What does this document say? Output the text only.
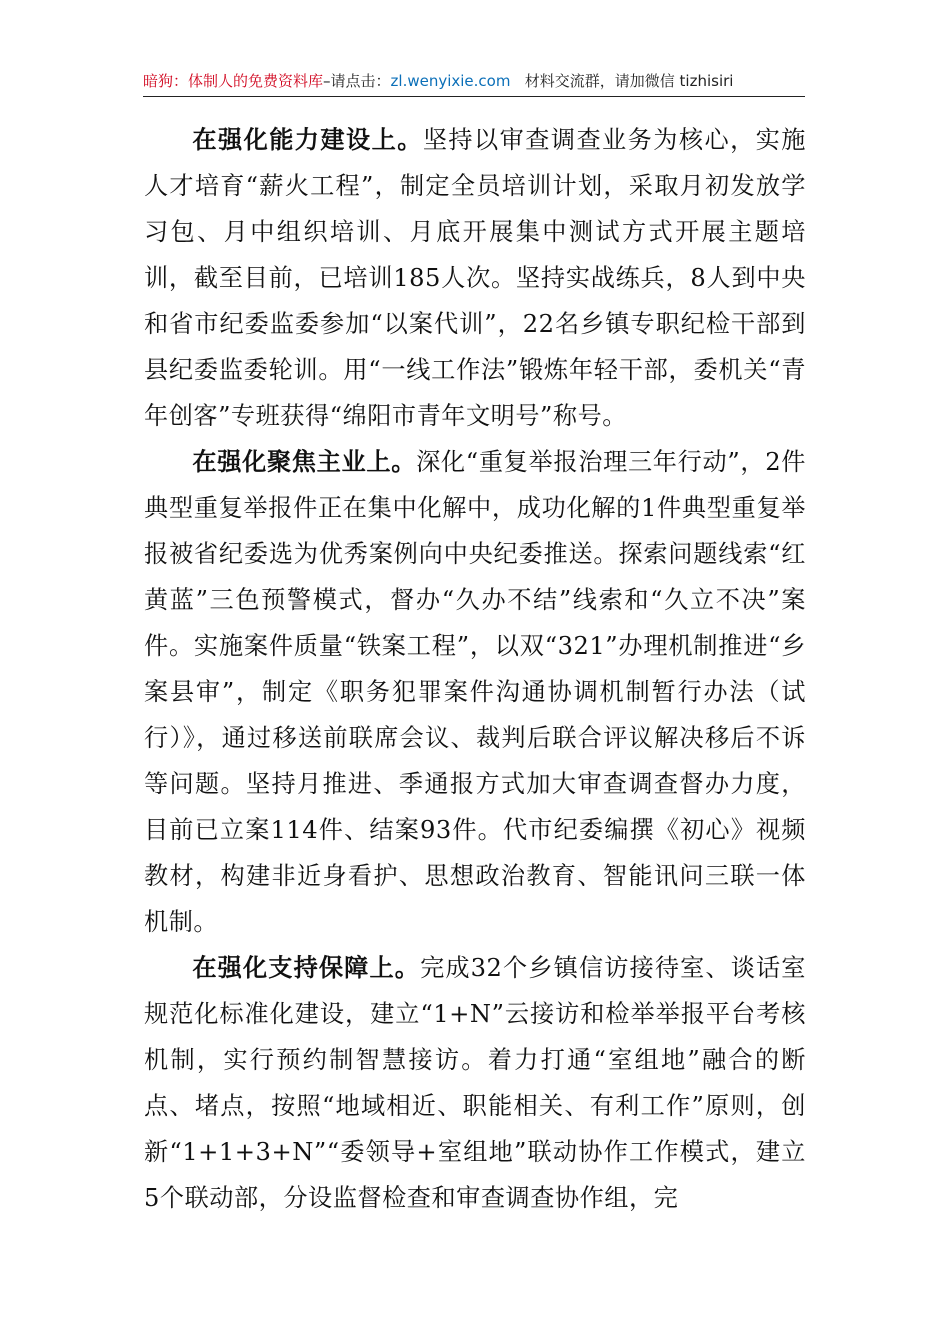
暗狗：体制人的免费资料库–请点击：zl.wenyixie.com 材料交流群，请加微信 tizhisiri

在强化能力建设上。坚持以审查调查业务为核心，实施人才培育“薪火工程”，制定全员培训计划，采取月初发放学习包、月中组织培训、月底开展集中测试方式开展主题培训，截至目前，已培训185人次。坚持实战练兵，8人到中央和省市纪委监委参加“以案代训”，22名乡镇专职纪检干部到县纪委监委轮训。用“一线工作法”锻炼年轻干部，委机关“青年创客”专班获得“绵阳市青年文明号”称号。

在强化聚焦主业上。深化“重复举报治理三年行动”，2件典型重复举报件正在集中化解中，成功化解的1件典型重复举报被省纪委选为优秀案例向中央纪委推送。探索问题线索“红黄蓝”三色预警模式，督办“久办不结”线索和“久立不决”案件。实施案件质量“铁案工程”，以双“321”办理机制推进“乡案县审”，制定《职务犯罪案件沟通协调机制暂行办法（试行）》，通过移送前联席会议、裁判后联合评议解决移后不诉等问题。坚持月推进、季通报方式加大审查调查督办力度，目前已立案114件、结案93件。代市纪委编撰《初心》视频教材，构建非近身看护、思想政治教育、智能讯问三联一体机制。

在强化支持保障上。完成32个乡镇信访接待室、谈话室规范化标准化建设，建立“1+N”云接访和检举举报平台考核机制，实行预约制智慧接访。着力打通“室组地”融合的断点、堵点，按照“地域相近、职能相关、有利工作”原则，创新“1+1+3+N”“委领导+室组地”联动协作工作模式，建立5个联动部，分设监督检查和审查调查协作组，完
